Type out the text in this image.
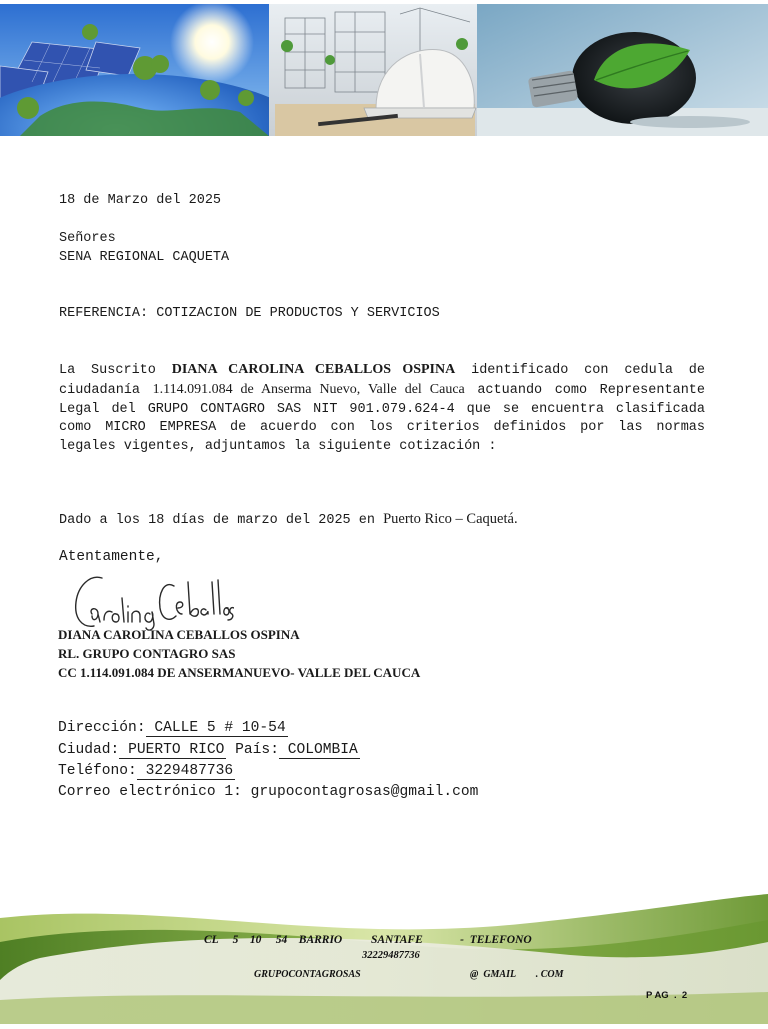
18 de Marzo del 2025
Señores
SENA REGIONAL CAQUETA
REFERENCIA: COTIZACION DE PRODUCTOS Y SERVICIOS
La Suscrito DIANA CAROLINA CEBALLOS OSPINA identificado con cedula de ciudadanía 1.114.091.084 de Anserma Nuevo, Valle del Cauca actuando como Representante Legal del GRUPO CONTAGRO SAS NIT 901.079.624-4 que se encuentra clasificada como MICRO EMPRESA de acuerdo con los criterios definidos por las normas legales vigentes, adjuntamos la siguiente cotización :
Dado a los 18 días de marzo del 2025 en Puerto Rico – Caquetá.
Atentamente,
DIANA CAROLINA CEBALLOS OSPINA
RL. GRUPO CONTAGRO SAS
CC 1.114.091.084 DE ANSERMANUEVO- VALLE DEL CAUCA
Dirección: CALLE 5 # 10-54
Ciudad: PUERTO RICO País: COLOMBIA
Teléfono: 3229487736
Correo electrónico 1: grupocontagrosas@gmail.com
CL     5    10     54    BARRIO          SANTAFE             -  TELEFONO
32229487736
GRUPOCONTAGROSAS	@  GMAIL        . COM
P AG  .  2
